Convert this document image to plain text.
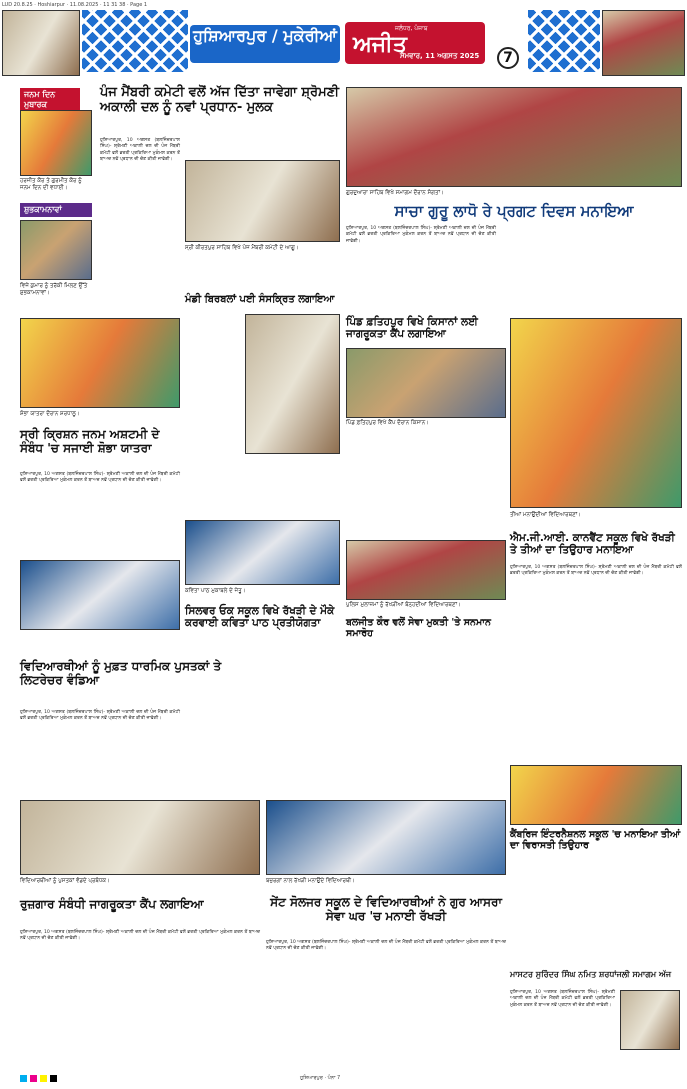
LUD 20.8.25 · Hoshiarpur · 11.08.2025 · 11 31 38 · Page 1
ਹੁਸ਼ਿਆਰਪੁਰ / ਮੁਕੇਰੀਆਂ ਅਜੀਤ
ਜਲੰਧਰ, ਪੰਜਾਬ
ਸੋਮਵਾਰ, 11 ਅਗਸਤ 2025	7
ਜਨਮ ਦਿਨ ਮੁਬਾਰਕ
ਹਰਜੀਤ ਕੌਰ ਤੇ ਗੁਰਮੀਤ ਕੌਰ ਨੂੰ ਜਨਮ ਦਿਨ ਦੀ ਵਧਾਈ।
ਸ਼ੁਭਕਾਮਨਾਵਾਂ
ਵਿਜੇ ਕੁਮਾਰ ਨੂੰ ਤਰੱਕੀ ਮਿਲਣ ਉੱਤੇ ਸ਼ੁਭਕਾਮਨਾਵਾਂ।
ਪੰਜ ਮੈਂਬਰੀ ਕਮੇਟੀ ਵਲੋਂ ਅੱਜ ਦਿੱਤਾ ਜਾਵੇਗਾ ਸ਼੍ਰੋਮਣੀ ਅਕਾਲੀ ਦਲ ਨੂੰ ਨਵਾਂ ਪ੍ਰਧਾਨ- ਮੁਲਕ
ਹੁਸ਼ਿਆਰਪੁਰ, 10 ਅਗਸਤ (ਬਲਜਿੰਦਰਪਾਲ ਸਿੰਘ)- ਸ਼੍ਰੋਮਣੀ ਅਕਾਲੀ ਦਲ ਦੀ ਪੰਜ ਮੈਂਬਰੀ ਕਮੇਟੀ ਵਲੋਂ ਭਰਤੀ ਪ੍ਰਕਿਰਿਆ ਮੁਕੰਮਲ ਕਰਨ ਤੋਂ ਬਾਅਦ ਨਵੇਂ ਪ੍ਰਧਾਨ ਦੀ ਚੋਣ ਕੀਤੀ ਜਾਵੇਗੀ।
ਸ੍ਰੀ ਕੀਰਤਪੁਰ ਸਾਹਿਬ ਵਿਖੇ ਪੰਜ ਮੈਂਬਰੀ ਕਮੇਟੀ ਦੇ ਆਗੂ।
ਗੁਰਦੁਆਰਾ ਸਾਹਿਬ ਵਿਖੇ ਸਮਾਗਮ ਦੌਰਾਨ ਸੰਗਤਾਂ।
ਸਾਚਾ ਗੁਰੂ ਲਾਧੋ ਰੇ ਪ੍ਰਗਟ ਦਿਵਸ ਮਨਾਇਆ
ਹੁਸ਼ਿਆਰਪੁਰ, 10 ਅਗਸਤ (ਬਲਜਿੰਦਰਪਾਲ ਸਿੰਘ)- ਸ਼੍ਰੋਮਣੀ ਅਕਾਲੀ ਦਲ ਦੀ ਪੰਜ ਮੈਂਬਰੀ ਕਮੇਟੀ ਵਲੋਂ ਭਰਤੀ ਪ੍ਰਕਿਰਿਆ ਮੁਕੰਮਲ ਕਰਨ ਤੋਂ ਬਾਅਦ ਨਵੇਂ ਪ੍ਰਧਾਨ ਦੀ ਚੋਣ ਕੀਤੀ ਜਾਵੇਗੀ।
ਮੰਡੀ ਬਿਰਬਲਾਂ ਪਈ ਸੰਸਕ੍ਰਿਤ ਲਗਾਇਆ
ਸ਼ੋਭਾ ਯਾਤਰਾ ਦੌਰਾਨ ਸ਼ਰਧਾਲੂ।
ਸ੍ਰੀ ਕ੍ਰਿਸ਼ਨ ਜਨਮ ਅਸ਼ਟਮੀ ਦੇ ਸੰਬੰਧ 'ਚ ਸਜਾਈ ਸ਼ੋਭਾ ਯਾਤਰਾ
ਹੁਸ਼ਿਆਰਪੁਰ, 10 ਅਗਸਤ (ਬਲਜਿੰਦਰਪਾਲ ਸਿੰਘ)- ਸ਼੍ਰੋਮਣੀ ਅਕਾਲੀ ਦਲ ਦੀ ਪੰਜ ਮੈਂਬਰੀ ਕਮੇਟੀ ਵਲੋਂ ਭਰਤੀ ਪ੍ਰਕਿਰਿਆ ਮੁਕੰਮਲ ਕਰਨ ਤੋਂ ਬਾਅਦ ਨਵੇਂ ਪ੍ਰਧਾਨ ਦੀ ਚੋਣ ਕੀਤੀ ਜਾਵੇਗੀ।
ਪਿੰਡ ਫ਼ਤਿਹਪੁਰ ਵਿਖੇ ਕਿਸਾਨਾਂ ਲਈ ਜਾਗਰੂਕਤਾ ਕੈਂਪ ਲਗਾਇਆ
ਪਿੰਡ ਫ਼ਤਿਹਪੁਰ ਵਿਖੇ ਕੈਂਪ ਦੌਰਾਨ ਕਿਸਾਨ।
ਤੀਆਂ ਮਨਾਉਂਦੀਆਂ ਵਿਦਿਆਰਥਣਾਂ।
ਐਮ.ਜੀ.ਆਈ. ਕਾਨਵੈਂਟ ਸਕੂਲ ਵਿਖੇ ਰੱਖੜੀ ਤੇ ਤੀਆਂ ਦਾ ਤਿਉਹਾਰ ਮਨਾਇਆ
ਹੁਸ਼ਿਆਰਪੁਰ, 10 ਅਗਸਤ (ਬਲਜਿੰਦਰਪਾਲ ਸਿੰਘ)- ਸ਼੍ਰੋਮਣੀ ਅਕਾਲੀ ਦਲ ਦੀ ਪੰਜ ਮੈਂਬਰੀ ਕਮੇਟੀ ਵਲੋਂ ਭਰਤੀ ਪ੍ਰਕਿਰਿਆ ਮੁਕੰਮਲ ਕਰਨ ਤੋਂ ਬਾਅਦ ਨਵੇਂ ਪ੍ਰਧਾਨ ਦੀ ਚੋਣ ਕੀਤੀ ਜਾਵੇਗੀ।
ਕਵਿਤਾ ਪਾਠ ਮੁਕਾਬਲੇ ਦੇ ਜੇਤੂ।
ਸਿਲਵਰ ਓਕ ਸਕੂਲ ਵਿਖੇ ਰੱਖੜੀ ਦੇ ਮੌਕੇ ਕਰਵਾਈ ਕਵਿਤਾ ਪਾਠ ਪ੍ਰਤੀਯੋਗਤਾ
ਪੁਲਿਸ ਮੁਲਾਜ਼ਮਾਂ ਨੂੰ ਰੱਖੜੀਆਂ ਬੰਨ੍ਹਦੀਆਂ ਵਿਦਿਆਰਥਣਾਂ।
ਬਲਜੀਤ ਕੌਰ ਵਲੋਂ ਸੇਵਾ ਮੁਕਤੀ 'ਤੇ ਸਨਮਾਨ ਸਮਾਰੋਹ
ਵਿਦਿਆਰਥੀਆਂ ਨੂੰ ਮੁਫ਼ਤ ਧਾਰਮਿਕ ਪੁਸਤਕਾਂ ਤੇ ਲਿਟਰੇਚਰ ਵੰਡਿਆ
ਹੁਸ਼ਿਆਰਪੁਰ, 10 ਅਗਸਤ (ਬਲਜਿੰਦਰਪਾਲ ਸਿੰਘ)- ਸ਼੍ਰੋਮਣੀ ਅਕਾਲੀ ਦਲ ਦੀ ਪੰਜ ਮੈਂਬਰੀ ਕਮੇਟੀ ਵਲੋਂ ਭਰਤੀ ਪ੍ਰਕਿਰਿਆ ਮੁਕੰਮਲ ਕਰਨ ਤੋਂ ਬਾਅਦ ਨਵੇਂ ਪ੍ਰਧਾਨ ਦੀ ਚੋਣ ਕੀਤੀ ਜਾਵੇਗੀ।
ਵਿਦਿਆਰਥੀਆਂ ਨੂੰ ਪੁਸਤਕਾਂ ਵੰਡਦੇ ਪ੍ਰਬੰਧਕ।
ਕੈਂਬਰਿਜ ਇੰਟਰਨੈਸ਼ਨਲ ਸਕੂਲ 'ਚ ਮਨਾਇਆ ਤੀਆਂ ਦਾ ਵਿਰਾਸਤੀ ਤਿਉਹਾਰ
ਬਜ਼ੁਰਗਾਂ ਨਾਲ ਰੱਖੜੀ ਮਨਾਉਂਦੇ ਵਿਦਿਆਰਥੀ।
ਸੇਂਟ ਸੋਲਜਰ ਸਕੂਲ ਦੇ ਵਿਦਿਆਰਥੀਆਂ ਨੇ ਗੁਰ ਆਸਰਾ ਸੇਵਾ ਘਰ 'ਚ ਮਨਾਈ ਰੱਖੜੀ
ਹੁਸ਼ਿਆਰਪੁਰ, 10 ਅਗਸਤ (ਬਲਜਿੰਦਰਪਾਲ ਸਿੰਘ)- ਸ਼੍ਰੋਮਣੀ ਅਕਾਲੀ ਦਲ ਦੀ ਪੰਜ ਮੈਂਬਰੀ ਕਮੇਟੀ ਵਲੋਂ ਭਰਤੀ ਪ੍ਰਕਿਰਿਆ ਮੁਕੰਮਲ ਕਰਨ ਤੋਂ ਬਾਅਦ ਨਵੇਂ ਪ੍ਰਧਾਨ ਦੀ ਚੋਣ ਕੀਤੀ ਜਾਵੇਗੀ।
ਰੁਜ਼ਗਾਰ ਸੰਬੰਧੀ ਜਾਗਰੂਕਤਾ ਕੈਂਪ ਲਗਾਇਆ
ਹੁਸ਼ਿਆਰਪੁਰ, 10 ਅਗਸਤ (ਬਲਜਿੰਦਰਪਾਲ ਸਿੰਘ)- ਸ਼੍ਰੋਮਣੀ ਅਕਾਲੀ ਦਲ ਦੀ ਪੰਜ ਮੈਂਬਰੀ ਕਮੇਟੀ ਵਲੋਂ ਭਰਤੀ ਪ੍ਰਕਿਰਿਆ ਮੁਕੰਮਲ ਕਰਨ ਤੋਂ ਬਾਅਦ ਨਵੇਂ ਪ੍ਰਧਾਨ ਦੀ ਚੋਣ ਕੀਤੀ ਜਾਵੇਗੀ।
ਮਾਸਟਰ ਸੁਰਿੰਦਰ ਸਿੰਘ ਨਮਿਤ ਸ਼ਰਧਾਂਜਲੀ ਸਮਾਗਮ ਅੱਜ
ਹੁਸ਼ਿਆਰਪੁਰ, 10 ਅਗਸਤ (ਬਲਜਿੰਦਰਪਾਲ ਸਿੰਘ)- ਸ਼੍ਰੋਮਣੀ ਅਕਾਲੀ ਦਲ ਦੀ ਪੰਜ ਮੈਂਬਰੀ ਕਮੇਟੀ ਵਲੋਂ ਭਰਤੀ ਪ੍ਰਕਿਰਿਆ ਮੁਕੰਮਲ ਕਰਨ ਤੋਂ ਬਾਅਦ ਨਵੇਂ ਪ੍ਰਧਾਨ ਦੀ ਚੋਣ ਕੀਤੀ ਜਾਵੇਗੀ।
ਹੁਸ਼ਿਆਰਪੁਰ · ਪੰਨਾ 7
